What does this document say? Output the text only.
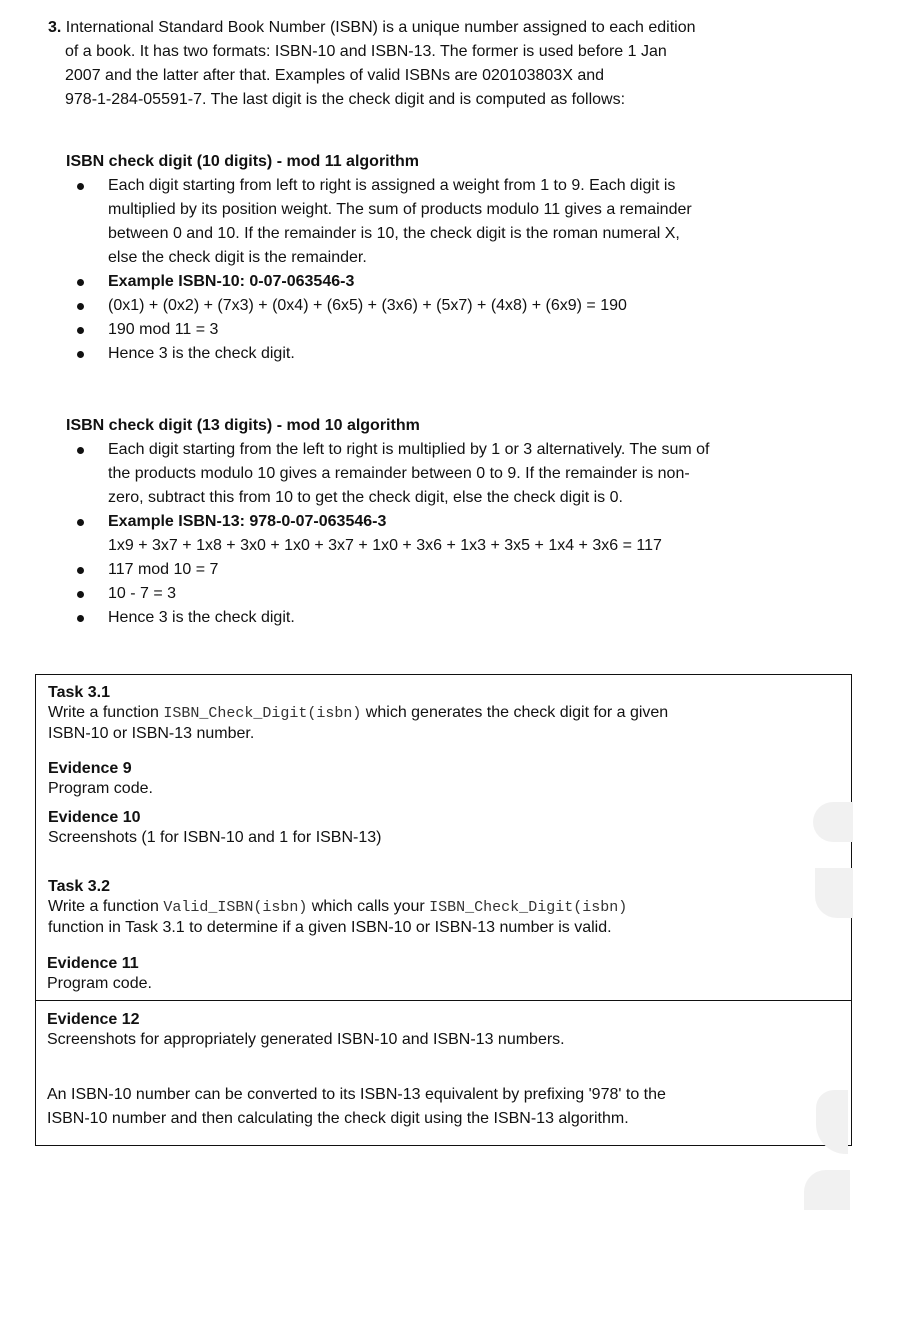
3. International Standard Book Number (ISBN) is a unique number assigned to each edition
of a book. It has two formats: ISBN-10 and ISBN-13. The former is used before 1 Jan
2007 and the latter after that. Examples of valid ISBNs are 020103803X and
978-1-284-05591-7. The last digit is the check digit and is computed as follows:
ISBN check digit (10 digits) - mod 11 algorithm
Each digit starting from left to right is assigned a weight from 1 to 9. Each digit is
multiplied by its position weight. The sum of products modulo 11 gives a remainder
between 0 and 10. If the remainder is 10, the check digit is the roman numeral X,
else the check digit is the remainder.
Example ISBN-10: 0-07-063546-3
(0x1) + (0x2) + (7x3) + (0x4) + (6x5) + (3x6) + (5x7) + (4x8) + (6x9) = 190
190 mod 11 = 3
Hence 3 is the check digit.
ISBN check digit (13 digits) - mod 10 algorithm
Each digit starting from the left to right is multiplied by 1 or 3 alternatively. The sum of
the products modulo 10 gives a remainder between 0 to 9. If the remainder is non-
zero, subtract this from 10 to get the check digit, else the check digit is 0.
Example ISBN-13: 978-0-07-063546-3
1x9 + 3x7 + 1x8 + 3x0 + 1x0 + 3x7 + 1x0 + 3x6 + 1x3 + 3x5 + 1x4 + 3x6 = 117
117 mod 10 = 7
10 - 7 = 3
Hence 3 is the check digit.
Task 3.1
Write a function ISBN_Check_Digit(isbn) which generates the check digit for a given
ISBN-10 or ISBN-13 number.
Evidence 9
Program code.
Evidence 10
Screenshots (1 for ISBN-10 and 1 for ISBN-13)
Task 3.2
Write a function Valid_ISBN(isbn) which calls your ISBN_Check_Digit(isbn)
function in Task 3.1 to determine if a given ISBN-10 or ISBN-13 number is valid.
Evidence 11
Program code.
Evidence 12
Screenshots for appropriately generated ISBN-10 and ISBN-13 numbers.
An ISBN-10 number can be converted to its ISBN-13 equivalent by prefixing '978' to the
ISBN-10 number and then calculating the check digit using the ISBN-13 algorithm.
